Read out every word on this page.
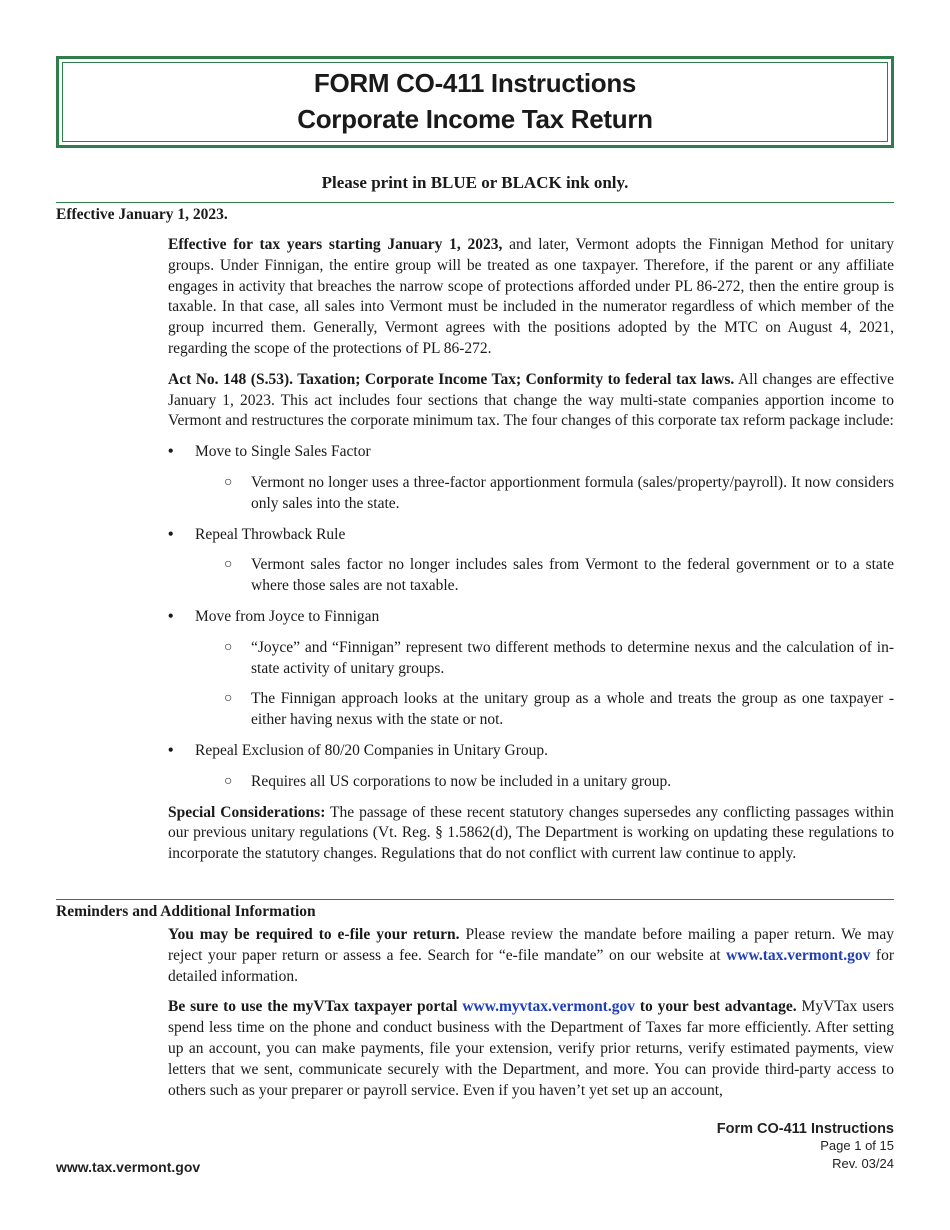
FORM CO-411 Instructions
Corporate Income Tax Return
Please print in BLUE or BLACK ink only.
Effective January 1, 2023.

Effective for tax years starting January 1, 2023, and later, Vermont adopts the Finnigan Method for unitary groups. Under Finnigan, the entire group will be treated as one taxpayer. Therefore, if the parent or any affiliate engages in activity that breaches the narrow scope of protections afforded under PL 86-272, then the entire group is taxable. In that case, all sales into Vermont must be included in the numerator regardless of which member of the group incurred them. Generally, Vermont agrees with the positions adopted by the MTC on August 4, 2021, regarding the scope of the protections of PL 86-272.

Act No. 148 (S.53). Taxation; Corporate Income Tax; Conformity to federal tax laws. All changes are effective January 1, 2023. This act includes four sections that change the way multi-state companies apportion income to Vermont and restructures the corporate minimum tax. The four changes of this corporate tax reform package include:

• Move to Single Sales Factor
○ Vermont no longer uses a three-factor apportionment formula (sales/property/payroll). It now considers only sales into the state.
• Repeal Throwback Rule
○ Vermont sales factor no longer includes sales from Vermont to the federal government or to a state where those sales are not taxable.
• Move from Joyce to Finnigan
○ “Joyce” and “Finnigan” represent two different methods to determine nexus and the calculation of in-state activity of unitary groups.
○ The Finnigan approach looks at the unitary group as a whole and treats the group as one taxpayer - either having nexus with the state or not.
• Repeal Exclusion of 80/20 Companies in Unitary Group.
○ Requires all US corporations to now be included in a unitary group.

Special Considerations: The passage of these recent statutory changes supersedes any conflicting passages within our previous unitary regulations (Vt. Reg. § 1.5862(d), The Department is working on updating these regulations to incorporate the statutory changes. Regulations that do not conflict with current law continue to apply.

Reminders and Additional Information

You may be required to e-file your return. Please review the mandate before mailing a paper return. We may reject your paper return or assess a fee. Search for “e-file mandate” on our website at www.tax.vermont.gov for detailed information.

Be sure to use the myVTax taxpayer portal www.myvtax.vermont.gov to your best advantage. MyVTax users spend less time on the phone and conduct business with the Department of Taxes far more efficiently. After setting up an account, you can make payments, file your extension, verify prior returns, verify estimated payments, view letters that we sent, communicate securely with the Department, and more. You can provide third-party access to others such as your preparer or payroll service. Even if you haven’t yet set up an account,

Form CO-411 Instructions
Page 1 of 15
Rev. 03/24
www.tax.vermont.gov
